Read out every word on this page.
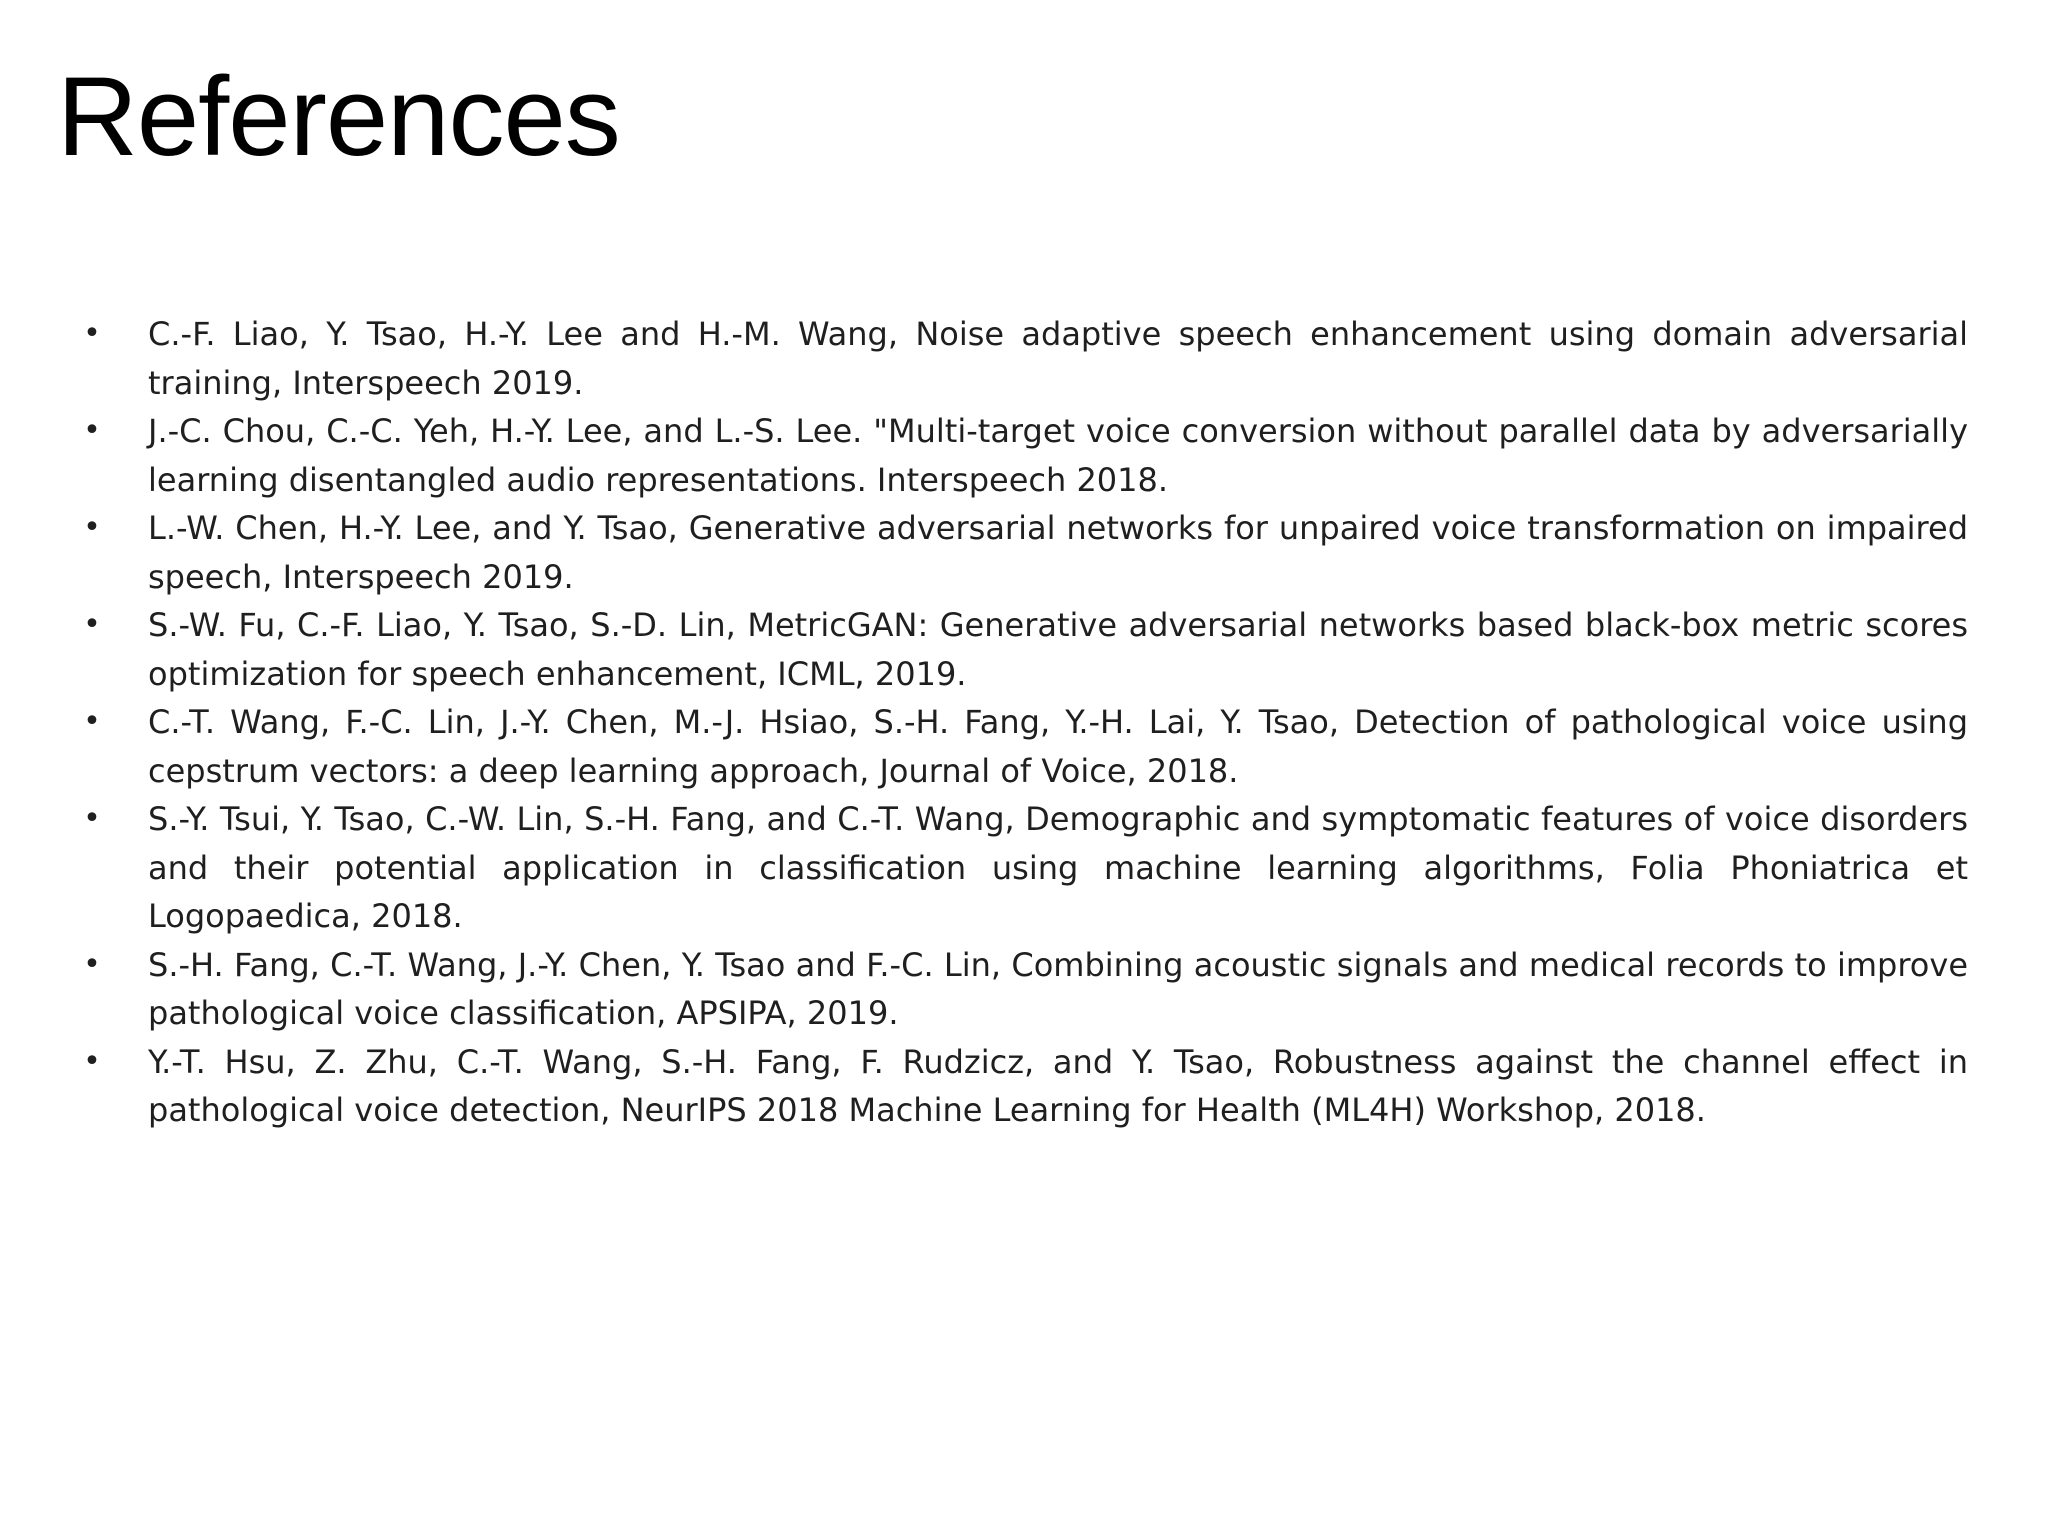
References
• C.-F. Liao, Y. Tsao, H.-Y. Lee and H.-M. Wang, Noise adaptive speech enhancement using domain adversarial training, Interspeech 2019.
• J.-C. Chou, C.-C. Yeh, H.-Y. Lee, and L.-S. Lee. "Multi-target voice conversion without parallel data by adversarially learning disentangled audio representations. Interspeech 2018.
• L.-W. Chen, H.-Y. Lee, and Y. Tsao, Generative adversarial networks for unpaired voice transformation on impaired speech, Interspeech 2019.
• S.-W. Fu, C.-F. Liao, Y. Tsao, S.-D. Lin, MetricGAN: Generative adversarial networks based black-box metric scores optimization for speech enhancement, ICML, 2019.
• C.-T. Wang, F.-C. Lin, J.-Y. Chen, M.-J. Hsiao, S.-H. Fang, Y.-H. Lai, Y. Tsao, Detection of pathological voice using cepstrum vectors: a deep learning approach, Journal of Voice, 2018.
• S.-Y. Tsui, Y. Tsao, C.-W. Lin, S.-H. Fang, and C.-T. Wang, Demographic and symptomatic features of voice disorders and their potential application in classification using machine learning algorithms, Folia Phoniatrica et Logopaedica, 2018.
• S.-H. Fang, C.-T. Wang, J.-Y. Chen, Y. Tsao and F.-C. Lin, Combining acoustic signals and medical records to improve pathological voice classification, APSIPA, 2019.
• Y.-T. Hsu, Z. Zhu, C.-T. Wang, S.-H. Fang, F. Rudzicz, and Y. Tsao, Robustness against the channel effect in pathological voice detection, NeurIPS 2018 Machine Learning for Health (ML4H) Workshop, 2018.
